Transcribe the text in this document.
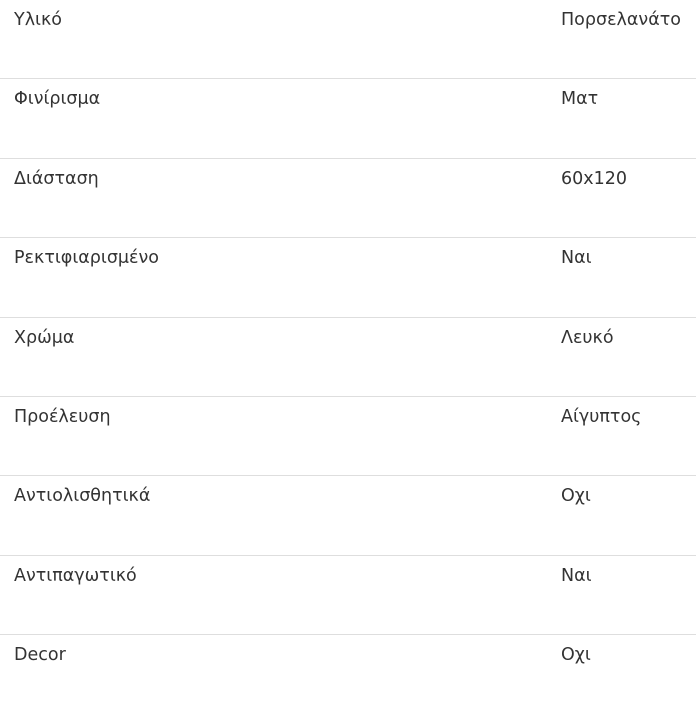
Υλικό	Πορσελανάτο
Φινίρισμα	Ματ
Διάσταση	60x120
Ρεκτιφιαρισμένο	Ναι
Χρώμα	Λευκό
Προέλευση	Αίγυπτος
Αντιολισθητικά	Οχι
Αντιπαγωτικό	Ναι
Decor	Οχι
